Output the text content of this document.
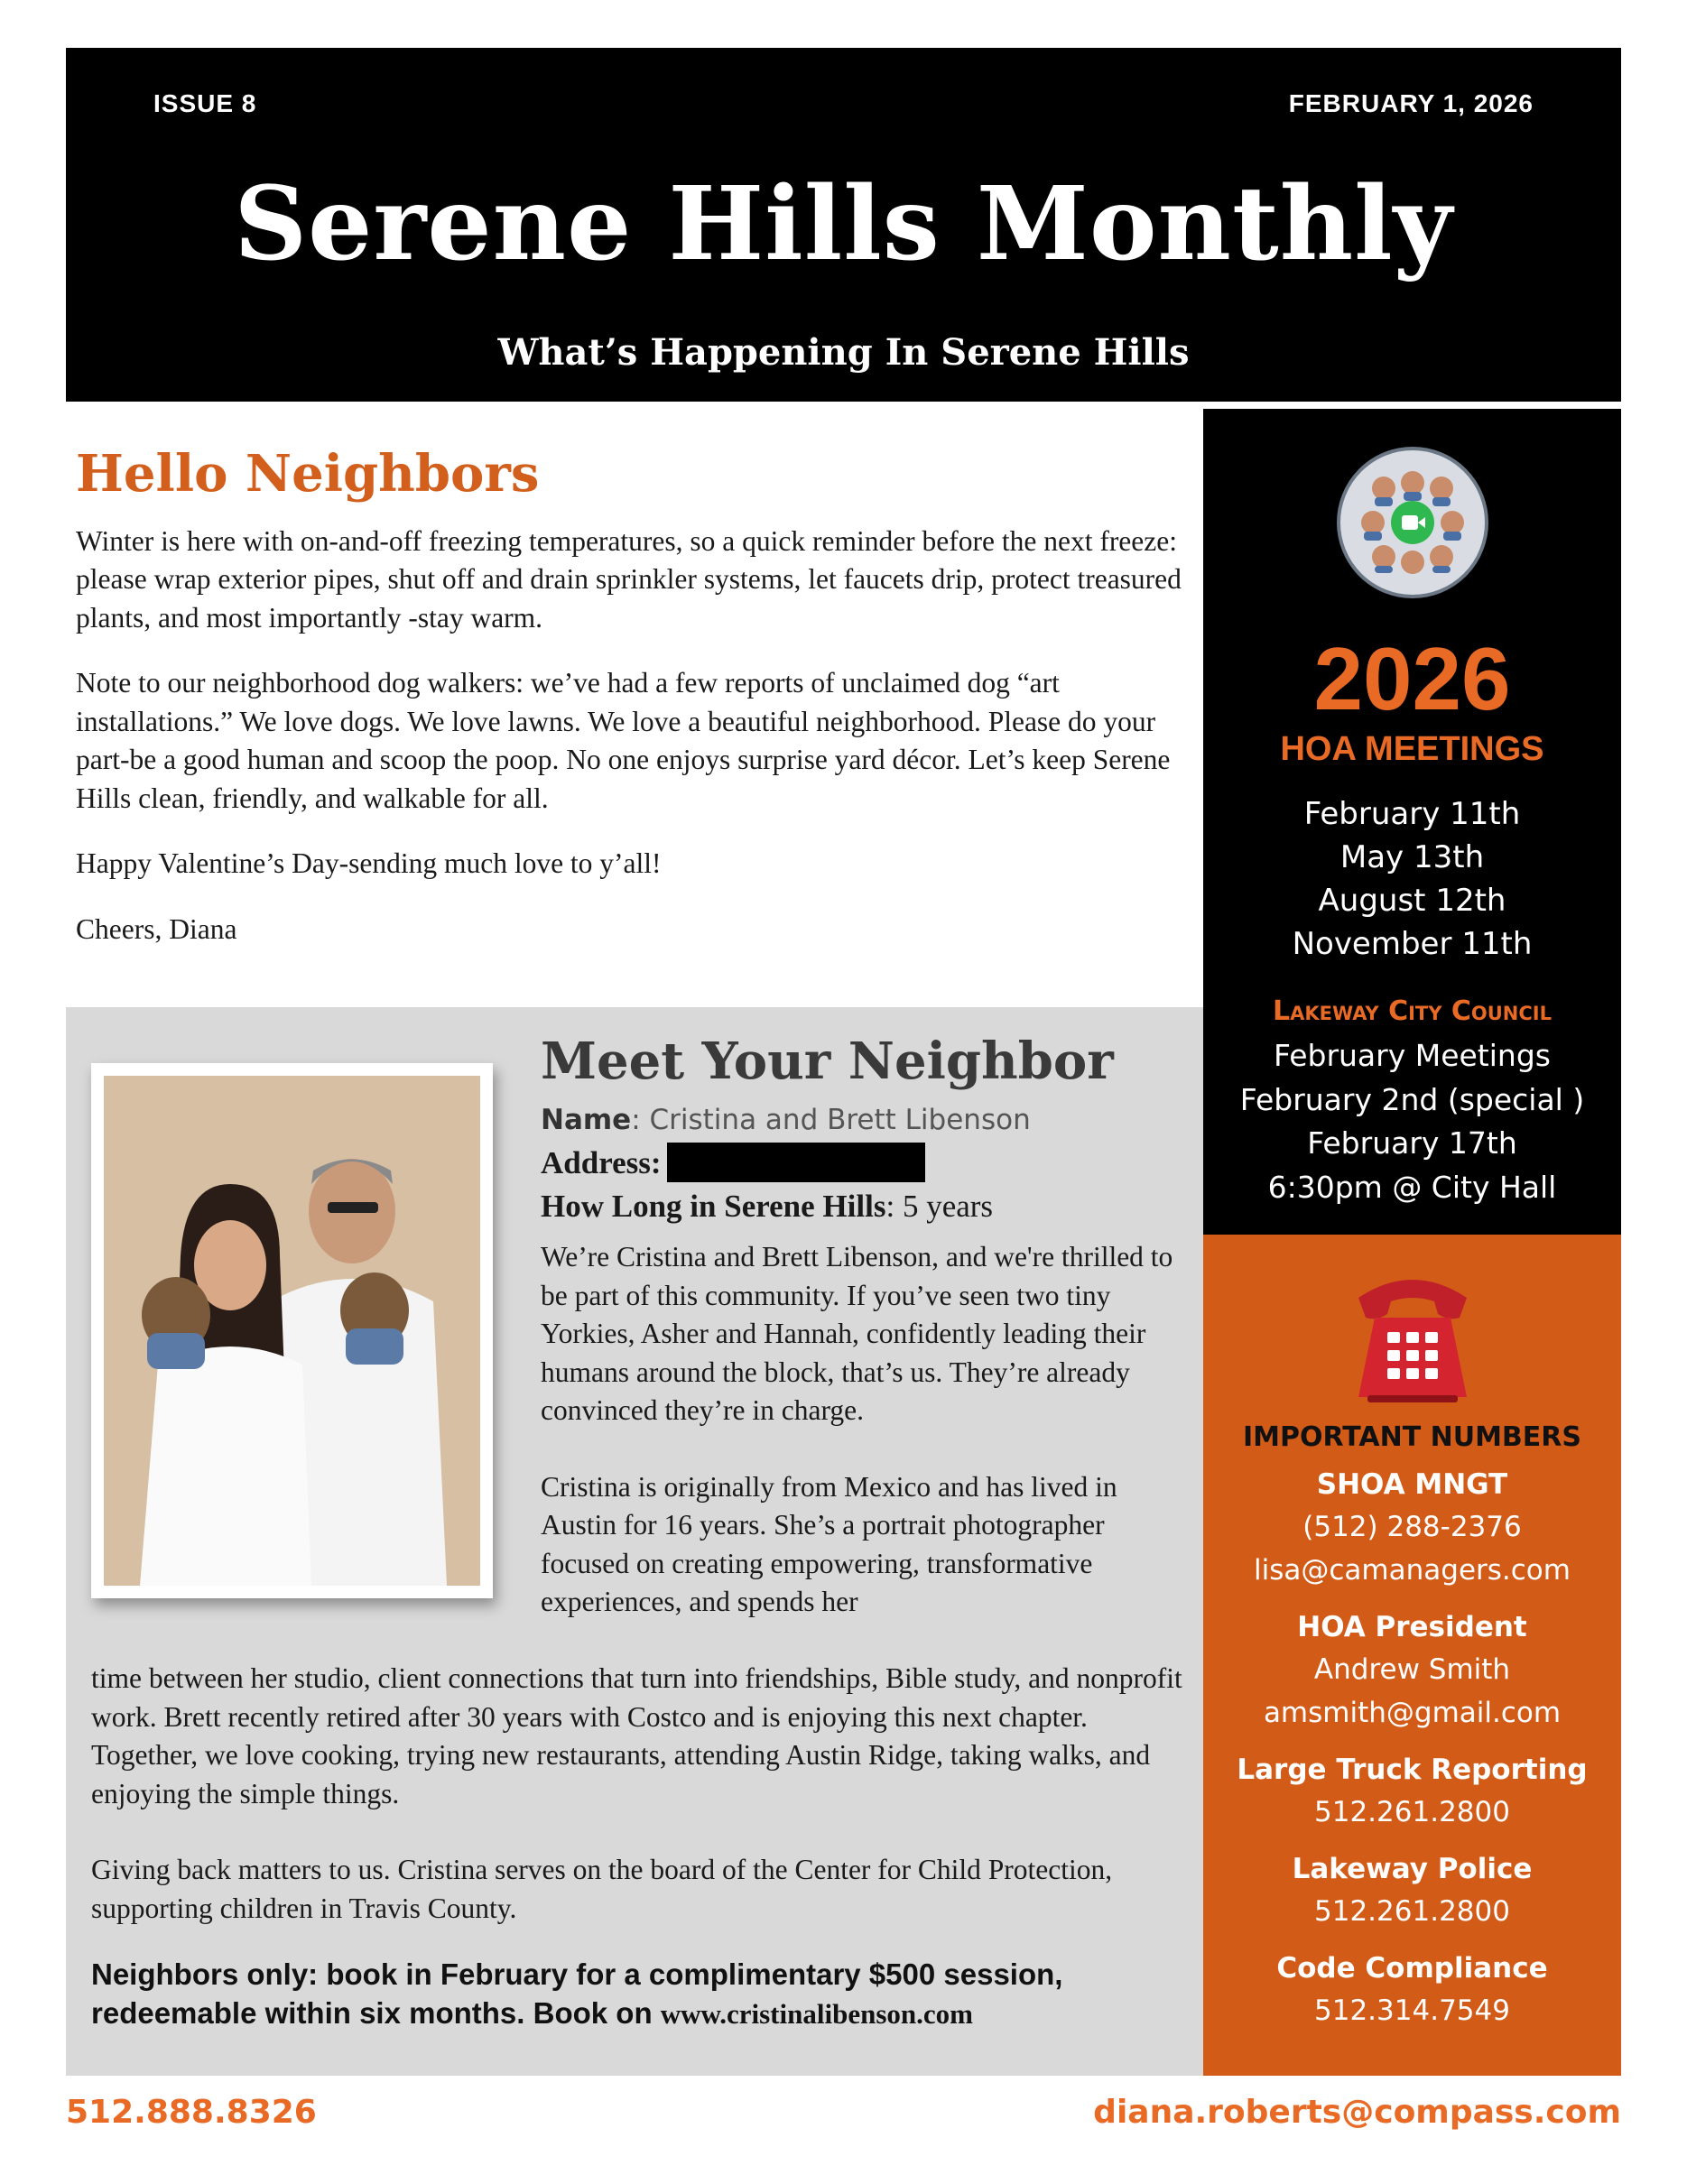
ISSUE 8	FEBRUARY 1, 2026
Serene Hills Monthly
What’s Happening In Serene Hills
Hello Neighbors

Winter is here with on-and-off freezing temperatures, so a quick reminder before the next freeze: please wrap exterior pipes, shut off and drain sprinkler systems, let faucets drip, protect treasured plants, and most importantly -stay warm.

Note to our neighborhood dog walkers: we’ve had a few reports of unclaimed dog “art installations.” We love dogs. We love lawns. We love a beautiful neighborhood. Please do your part-be a good human and scoop the poop. No one enjoys surprise yard décor. Let’s keep Serene Hills clean, friendly, and walkable for all.

Happy Valentine’s Day-sending much love to y’all!

Cheers, Diana

2026
HOA MEETINGS
February 11th
May 13th
August 12th
November 11th
Lakeway City Council
February Meetings
February 2nd (special )
February 17th
6:30pm @ City Hall
IMPORTANT NUMBERS
SHOA MNGT
(512) 288-2376
lisa@camanagers.com
HOA President
Andrew Smith
amsmith@gmail.com
Large Truck Reporting
512.261.2800
Lakeway Police
512.261.2800
Code Compliance
512.314.7549
Meet Your Neighbor
Name: Cristina and Brett Libenson
Address:
How Long in Serene Hills: 5 years

We’re Cristina and Brett Libenson, and we're thrilled to be part of this community. If you’ve seen two tiny Yorkies, Asher and Hannah, confidently leading their humans around the block, that’s us. They’re already convinced they’re in charge.

Cristina is originally from Mexico and has lived in Austin for 16 years. She’s a portrait photographer focused on creating empowering, transformative experiences, and spends her

time between her studio, client connections that turn into friendships, Bible study, and nonprofit work. Brett recently retired after 30 years with Costco and is enjoying this next chapter. Together, we love cooking, trying new restaurants, attending Austin Ridge, taking walks, and enjoying the simple things.

Giving back matters to us. Cristina serves on the board of the Center for Child Protection, supporting children in Travis County.

Neighbors only: book in February for a complimentary $500 session, redeemable within six months. Book on www.cristinalibenson.com
512.888.8326	diana.roberts@compass.com
